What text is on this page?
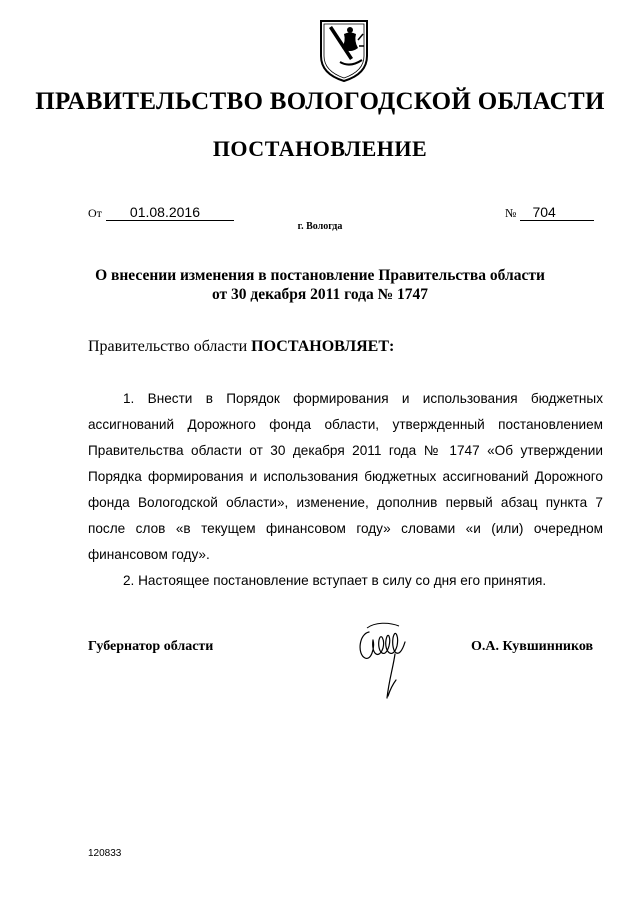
ПРАВИТЕЛЬСТВО ВОЛОГОДСКОЙ ОБЛАСТИ
ПОСТАНОВЛЕНИЕ
От 01.08.2016	№ 704
г. Вологда
О внесении изменения в постановление Правительства области
от 30 декабря 2011 года № 1747
Правительство области ПОСТАНОВЛЯЕТ:

1. Внести в Порядок формирования и использования бюджетных ассигнований Дорожного фонда области, утвержденный постановлением Правительства области от 30 декабря 2011 года № 1747 «Об утверждении Порядка формирования и использования бюджетных ассигнований Дорожного фонда Вологодской области», изменение, дополнив первый абзац пункта 7 после слов «в текущем финансовом году» словами «и (или) очередном финансовом году».

2. Настоящее постановление вступает в силу со дня его принятия.

Губернатор области	О.А. Кувшинников
120833
